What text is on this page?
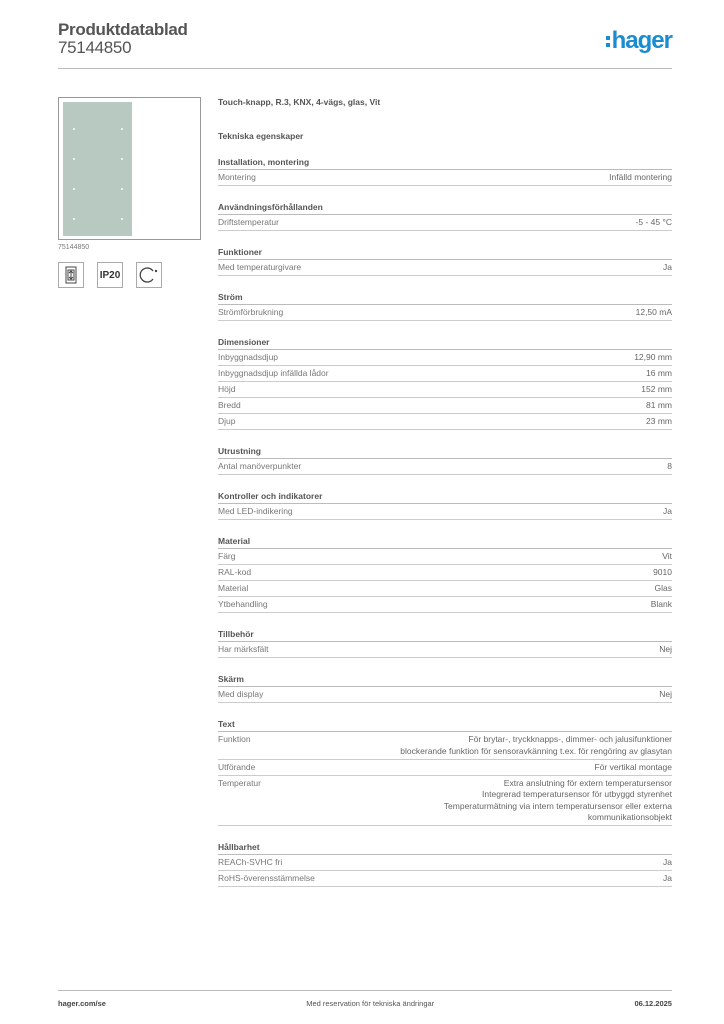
Produktdatablad
75144850	hager
75144850
IP20
Touch-knapp, R.3, KNX, 4-vägs, glas, Vit
Tekniska egenskaper
Installation, montering
Montering	Infälld montering
Användningsförhållanden
Driftstemperatur	-5 - 45 °C
Funktioner
Med temperaturgivare	Ja
Ström
Strömförbrukning	12,50 mA
Dimensioner
Inbyggnadsdjup	12,90 mm
Inbyggnadsdjup infällda lådor	16 mm
Höjd	152 mm
Bredd	81 mm
Djup	23 mm
Utrustning
Antal manöverpunkter	8
Kontroller och indikatorer
Med LED-indikering	Ja
Material
Färg	Vit
RAL-kod	9010
Material	Glas
Ytbehandling	Blank
Tillbehör
Har märksfält	Nej
Skärm
Med display	Nej
Text
Funktion	För brytar-, tryckknapps-, dimmer- och jalusifunktioner
blockerande funktion för sensoravkänning t.ex. för rengöring av glasytan
Utförande	För vertikal montage
Temperatur	Extra anslutning för extern temperatursensor
Integrerad temperatursensor för utbyggd styrenhet
Temperaturmätning via intern temperatursensor eller externa
kommunikationsobjekt
Hållbarhet
REACh-SVHC fri	Ja
RoHS-överensstämmelse	Ja
hager.com/se	Med reservation för tekniska ändringar	06.12.2025
